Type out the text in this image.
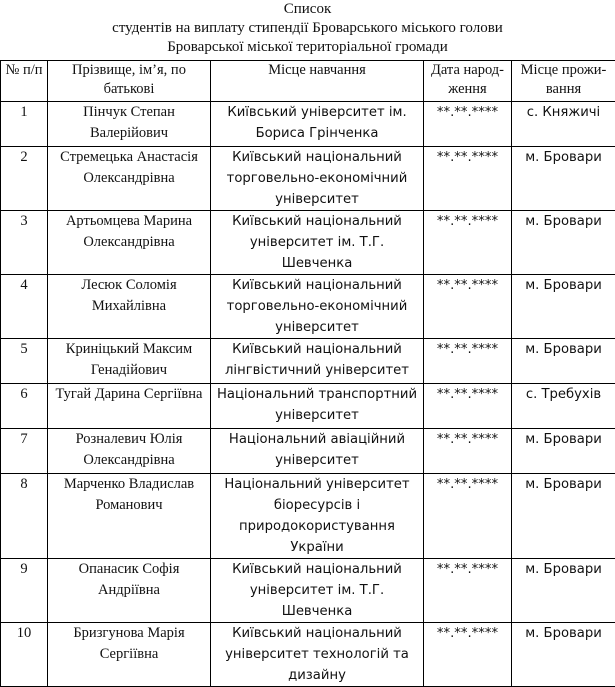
Список
студентів на виплату стипендії Броварського міського голови
Броварської міської територіальної громади
№ п/п	Прізвище, ім’я, по батькові	Місце навчання	Дата народ-ження	Місце прожи-вання
1	Пінчук Степан Валерійович	Київський університет ім. Бориса Грінченка	**.**.****	с. Княжичі
2	Стремецька Анастасія Олександрівна	Київський національний торговельно-економічний університет	**.**.****	м. Бровари
3	Артьомцева Марина Олександрівна	Київський національний університет ім. Т.Г. Шевченка	**.**.****	м. Бровари
4	Лесюк Соломія Михайлівна	Київський національний торговельно-економічний університет	**.**.****	м. Бровари
5	Криніцький Максим Генадійович	Київський національний лінгвістичний університет	**.**.****	м. Бровари
6	Тугай Дарина Сергіївна	Національний транспортний університет	**.**.****	с. Требухів
7	Розналевич Юлія Олександрівна	Національний авіаційний університет	**.**.****	м. Бровари
8	Марченко Владислав Романович	Національний університет біоресурсів і природокористування України	**.**.****	м. Бровари
9	Опанасик Софія Андріївна	Київський національний університет ім. Т.Г. Шевченка	**.**.****	м. Бровари
10	Бризгунова Марія Сергіївна	Київський національний університет технологій та дизайну	**.**.****	м. Бровари
